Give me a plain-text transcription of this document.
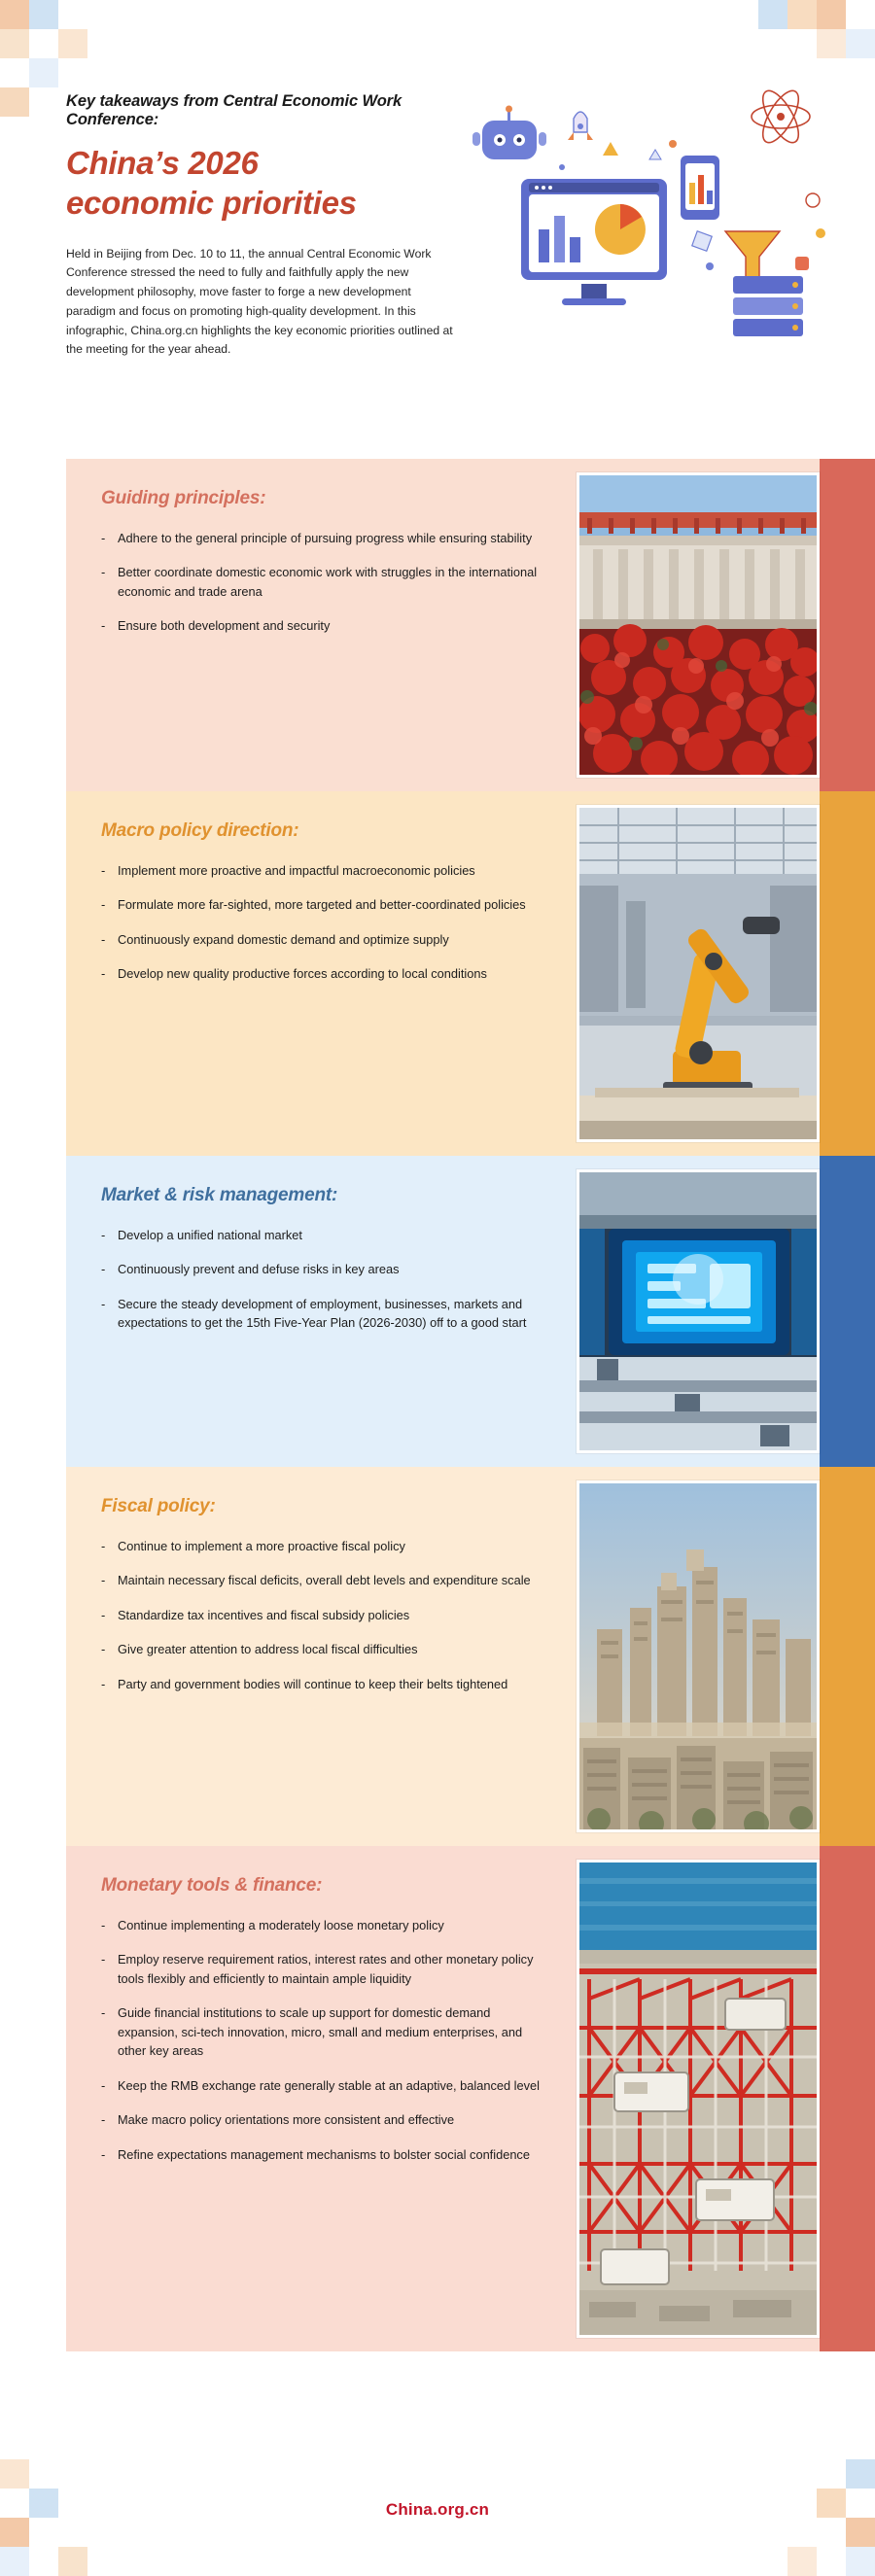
Key takeaways from Central Economic Work Conference:

China’s 2026
economic priorities

Held in Beijing from Dec. 10 to 11, the annual Central Economic Work Conference stressed the need to fully and faithfully apply the new development philosophy, move faster to forge a new development paradigm and focus on promoting high-quality development. In this infographic, China.org.cn highlights the key economic priorities outlined at the meeting for the year ahead.

Guiding principles:
- Adhere to the general principle of pursuing progress while ensuring stability
- Better coordinate domestic economic work with struggles in the international economic and trade arena
- Ensure both development and security
Macro policy direction:
- Implement more proactive and impactful macroeconomic policies
- Formulate more far-sighted, more targeted and better-coordinated policies
- Continuously expand domestic demand and optimize supply
- Develop new quality productive forces according to local conditions
Market & risk management:
- Develop a unified national market
- Continuously prevent and defuse risks in key areas
- Secure the steady development of employment, businesses, markets and expectations to get the 15th Five-Year Plan (2026-2030) off to a good start
Fiscal policy:
- Continue to implement a more proactive fiscal policy
- Maintain necessary fiscal deficits, overall debt levels and expenditure scale
- Standardize tax incentives and fiscal subsidy policies
- Give greater attention to address local fiscal difficulties
- Party and government bodies will continue to keep their belts tightened
Monetary tools & finance:
- Continue implementing a moderately loose monetary policy
- Employ reserve requirement ratios, interest rates and other monetary policy tools flexibly and efficiently to maintain ample liquidity
- Guide financial institutions to scale up support for domestic demand expansion, sci-tech innovation, micro, small and medium enterprises, and other key areas
- Keep the RMB exchange rate generally stable at an adaptive, balanced level
- Make macro policy orientations more consistent and effective
- Refine expectations management mechanisms to bolster social confidence
China.org.cn
